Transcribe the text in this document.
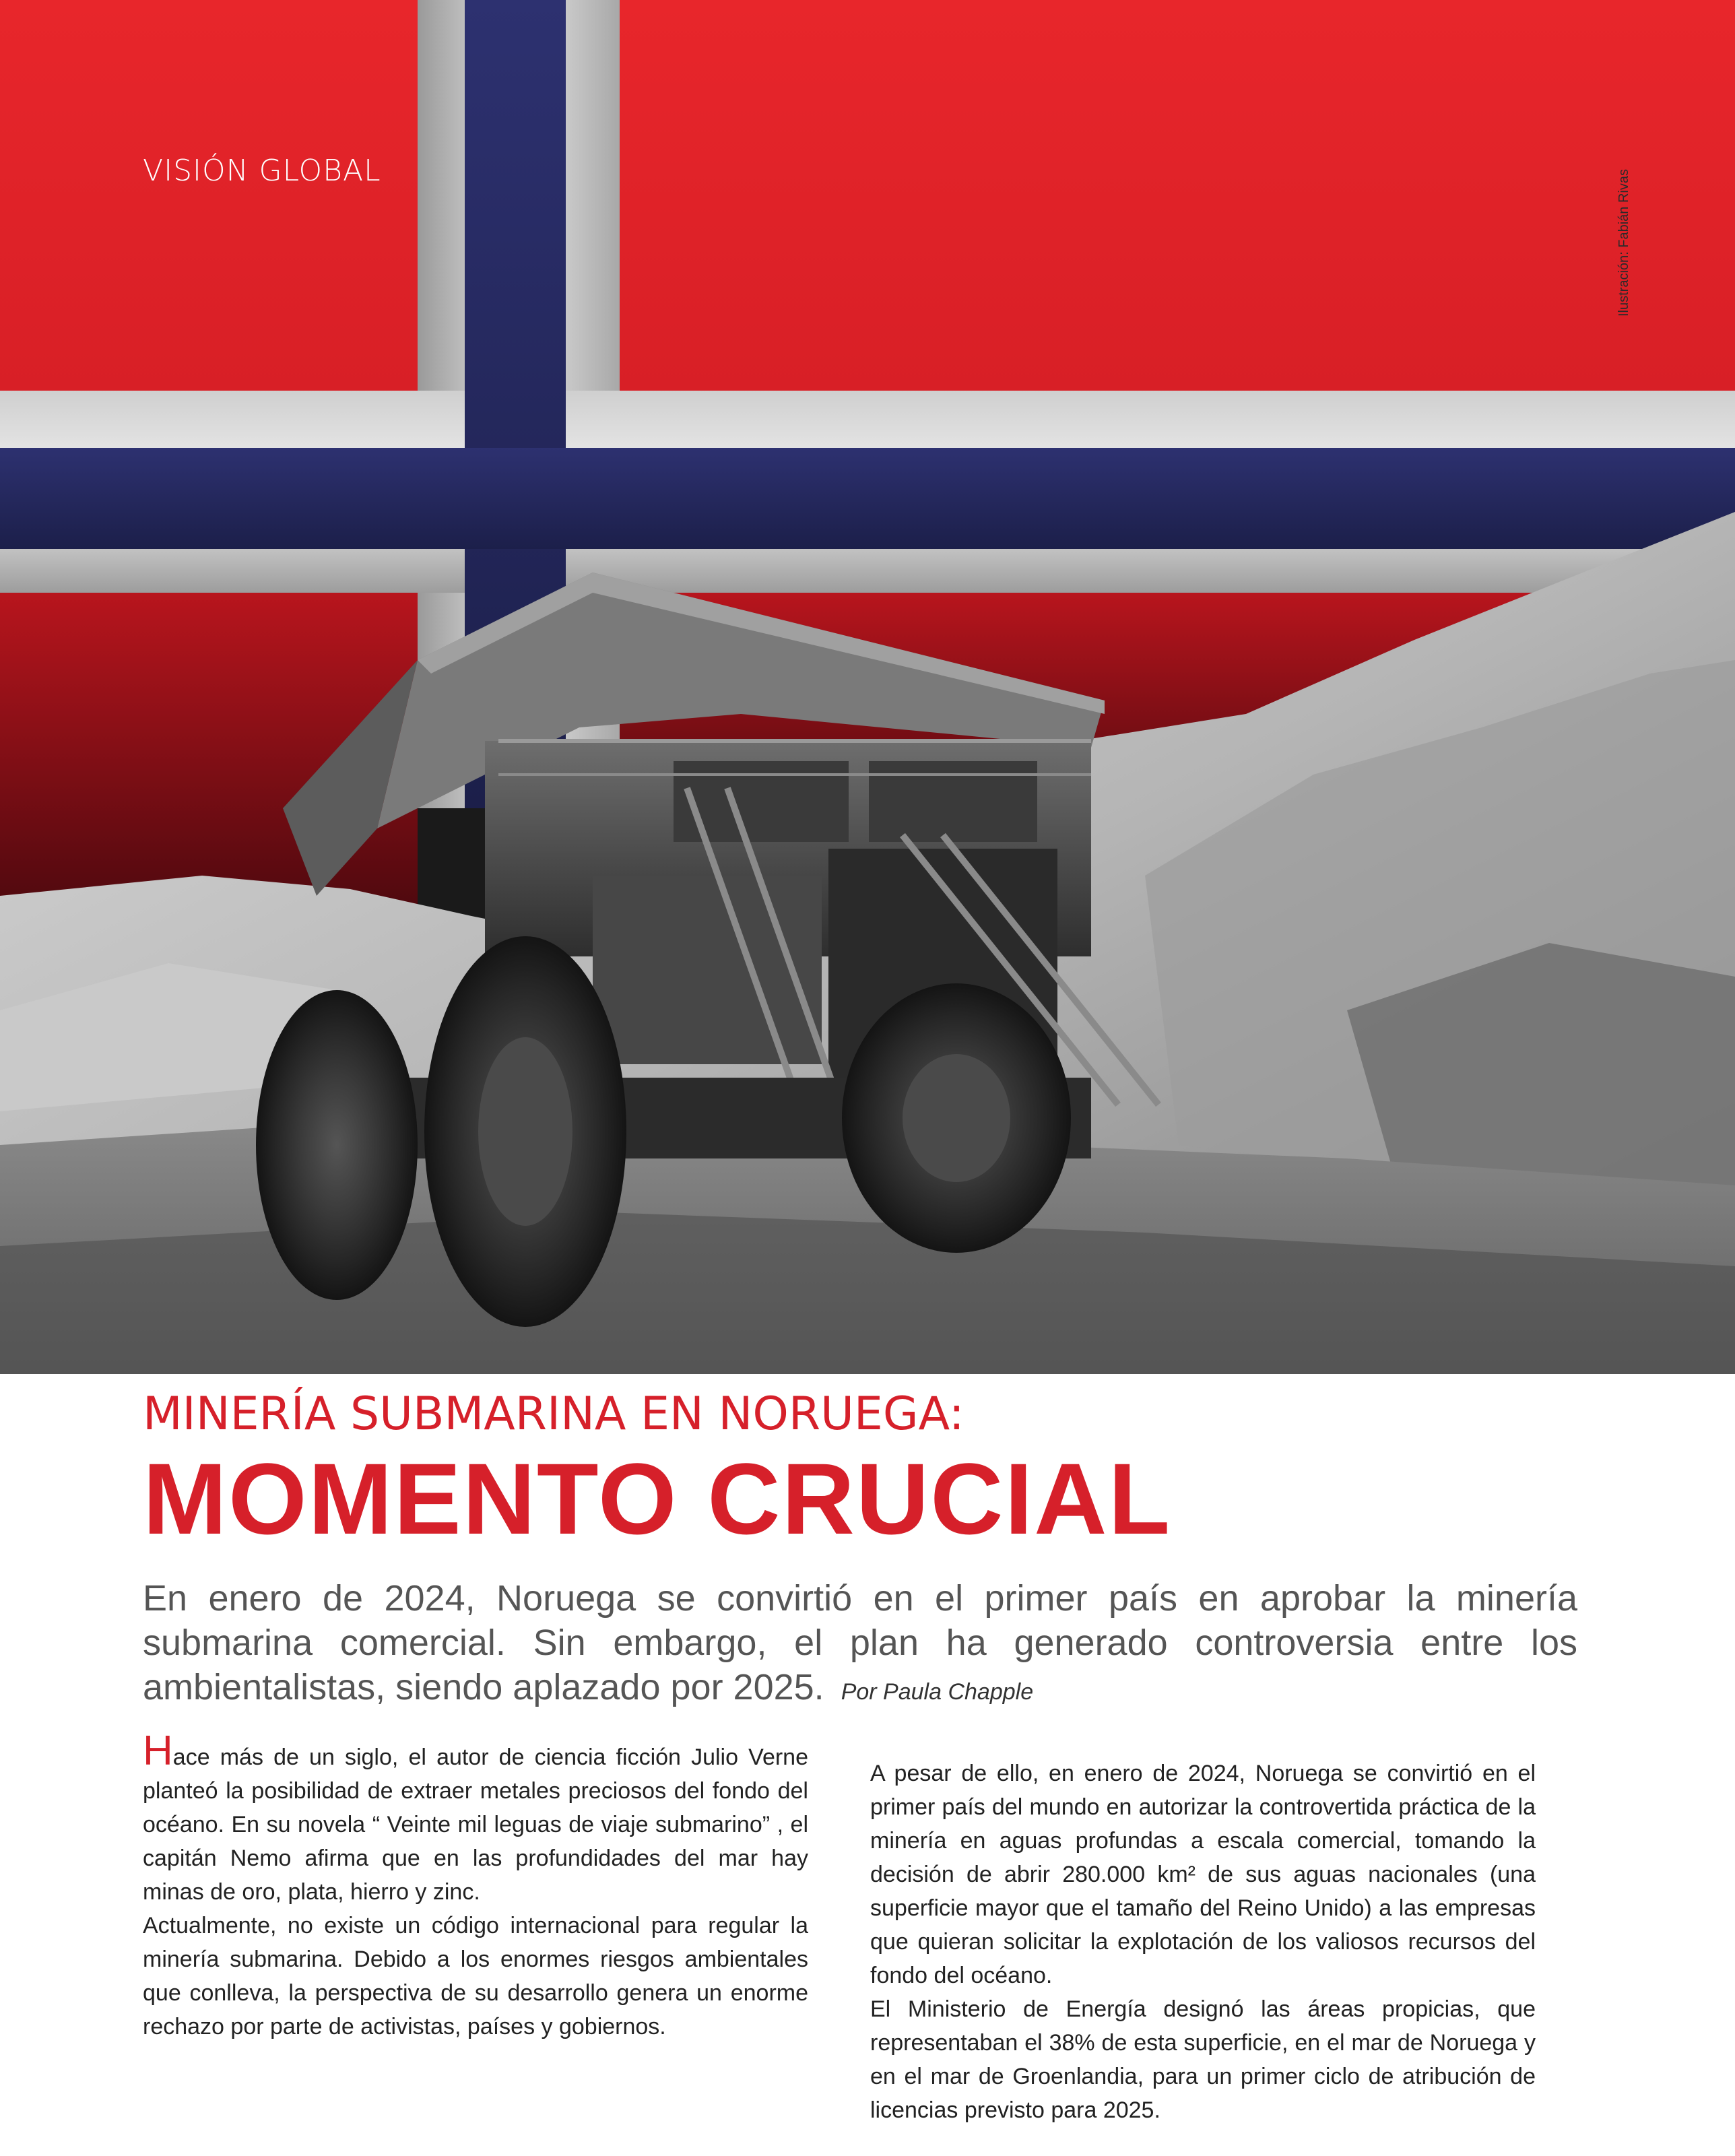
VISIÓN GLOBAL	Ilustración: Fabián Rivas
MINERÍA SUBMARINA EN NORUEGA:
MOMENTO CRUCIAL
En enero de 2024, Noruega se convirtió en el primer país en aprobar la minería submarina comercial. Sin embargo, el plan ha generado controversia entre los ambientalistas, siendo aplazado por 2025. Por Paula Chapple

Hace más de un siglo, el autor de ciencia ficción Julio Verne planteó la posibilidad de extraer metales preciosos del fondo del océano. En su novela “ Veinte mil leguas de viaje submarino” , el capitán Nemo afirma que en las profundidades del mar hay minas de oro, plata, hierro y zinc.

Actualmente, no existe un código internacional para regular la minería submarina. Debido a los enormes riesgos ambientales que conlleva, la perspectiva de su desarrollo genera un enorme rechazo por parte de activistas, países y gobiernos.

A pesar de ello, en enero de 2024, Noruega se convirtió en el primer país del mundo en autorizar la controvertida práctica de la minería en aguas profundas a escala comercial, tomando la decisión de abrir 280.000 km² de sus aguas nacionales (una superficie mayor que el tamaño del Reino Unido) a las empresas que quieran solicitar la explotación de los valiosos recursos del fondo del océano.

El Ministerio de Energía designó las áreas propicias, que representaban el 38% de esta superficie, en el mar de Noruega y en el mar de Groenlandia, para un primer ciclo de atribución de licencias previsto para 2025.
